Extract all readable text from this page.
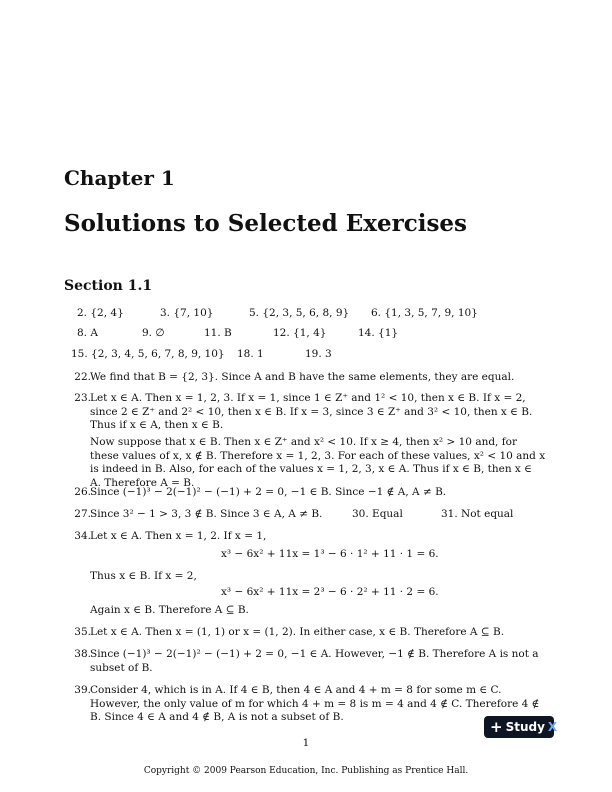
Chapter 1
Solutions to Selected Exercises
Section 1.1
2. {2, 4}	3. {7, 10}	5. {2, 3, 5, 6, 8, 9} 6. {1, 3, 5, 7, 9, 10}
8. A	9. ∅	11. B	12. {1, 4}	14. {1}
15. {2, 3, 4, 5, 6, 7, 8, 9, 10} 18. 1	19. 3
22. We find that B = {2, 3}. Since A and B have the same elements, they are equal.
23. Let x ∈ A. Then x = 1, 2, 3. If x = 1, since 1 ∈ Z⁺ and 1² < 10, then x ∈ B. If x = 2, since 2 ∈ Z⁺ and 2² < 10, then x ∈ B. If x = 3, since 3 ∈ Z⁺ and 3² < 10, then x ∈ B. Thus if x ∈ A, then x ∈ B.
Now suppose that x ∈ B. Then x ∈ Z⁺ and x² < 10. If x ≥ 4, then x² > 10 and, for these values of x, x ∉ B. Therefore x = 1, 2, 3. For each of these values, x² < 10 and x is indeed in B. Also, for each of the values x = 1, 2, 3, x ∈ A. Thus if x ∈ B, then x ∈ A. Therefore A = B.
26. Since (−1)³ − 2(−1)² − (−1) + 2 = 0, −1 ∈ B. Since −1 ∉ A, A ≠ B.
27. Since 3² − 1 > 3, 3 ∉ B. Since 3 ∈ A, A ≠ B.	30. Equal	31. Not equal
34. Let x ∈ A. Then x = 1, 2. If x = 1,
x³ − 6x² + 11x = 1³ − 6 · 1² + 11 · 1 = 6.
Thus x ∈ B. If x = 2,
x³ − 6x² + 11x = 2³ − 6 · 2² + 11 · 2 = 6.
Again x ∈ B. Therefore A ⊆ B.
35. Let x ∈ A. Then x = (1, 1) or x = (1, 2). In either case, x ∈ B. Therefore A ⊆ B.
38. Since (−1)³ − 2(−1)² − (−1) + 2 = 0, −1 ∈ A. However, −1 ∉ B. Therefore A is not a subset of B.
39. Consider 4, which is in A. If 4 ∈ B, then 4 ∈ A and 4 + m = 8 for some m ∈ C. However, the only value of m for which 4 + m = 8 is m = 4 and 4 ∉ C. Therefore 4 ∉ B. Since 4 ∈ A and 4 ∉ B, A is not a subset of B.
+ Study X
1
Copyright © 2009 Pearson Education, Inc. Publishing as Prentice Hall.
